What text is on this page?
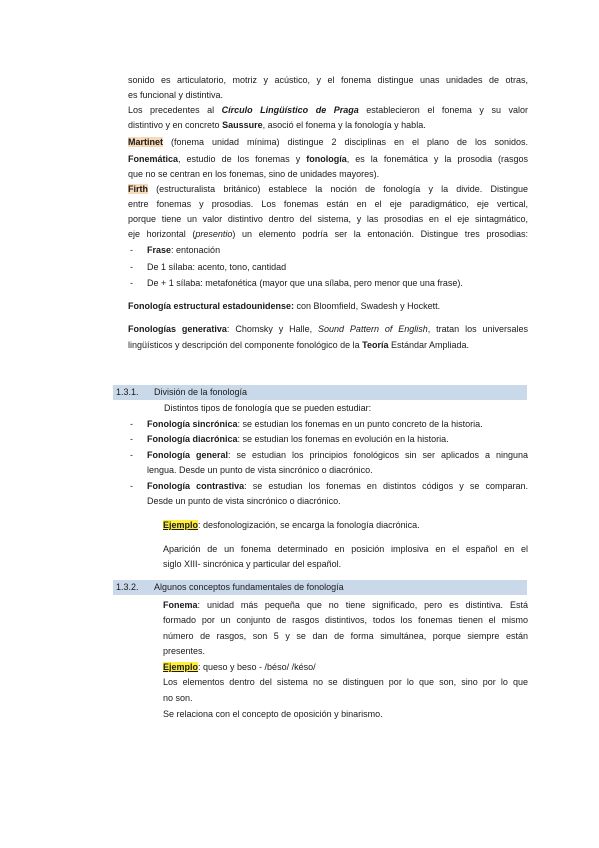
sonido es articulatorio, motriz y acústico, y el fonema distingue unas unidades de otras,
es funcional y distintiva.
Los precedentes al Círculo Lingüístico de Praga establecieron el fonema y su valor
distintivo y en concreto Saussure, asoció el fonema y la fonología y habla.
Martinet (fonema unidad mínima) distingue 2 disciplinas en el plano de los sonidos.
Fonemática, estudio de los fonemas y fonología, es la fonemática y la prosodia (rasgos
que no se centran en los fonemas, sino de unidades mayores).
Firth (estructuralista británico) establece la noción de fonología y la divide. Distingue
entre fonemas y prosodias. Los fonemas están en el eje paradigmático, eje vertical,
porque tiene un valor distintivo dentro del sistema, y las prosodias en el eje sintagmático,
eje horizontal (presentio) un elemento podría ser la entonación. Distingue tres prosodias:
- Frase: entonación
- De 1 sílaba: acento, tono, cantidad
- De + 1 sílaba: metafonética (mayor que una sílaba, pero menor que una frase).
Fonología estructural estadounidense: con Bloomfield, Swadesh y Hockett.
Fonologías generativa: Chomsky y Halle, Sound Pattern of English, tratan los universales
lingüísticos y descripción del componente fonológico de la Teoría Estándar Ampliada.
1.3.1. División de la fonología
Distintos tipos de fonología que se pueden estudiar:
- Fonología sincrónica: se estudian los fonemas en un punto concreto de la historia.
- Fonología diacrónica: se estudian los fonemas en evolución en la historia.
- Fonología general: se estudian los principios fonológicos sin ser aplicados a ninguna
lengua. Desde un punto de vista sincrónico o diacrónico.
- Fonología contrastiva: se estudian los fonemas en distintos códigos y se comparan.
Desde un punto de vista sincrónico o diacrónico.
Ejemplo: desfonologización, se encarga la fonología diacrónica.
Aparición de un fonema determinado en posición implosiva en el español en el
siglo XIII- sincrónica y particular del español.
1.3.2. Algunos conceptos fundamentales de fonología
Fonema: unidad más pequeña que no tiene significado, pero es distintiva. Está
formado por un conjunto de rasgos distintivos, todos los fonemas tienen el mismo
número de rasgos, son 5 y se dan de forma simultánea, porque siempre están
presentes.
Ejemplo: queso y beso - /béso/ /késo/
Los elementos dentro del sistema no se distinguen por lo que son, sino por lo que
no son.
Se relaciona con el concepto de oposición y binarismo.
